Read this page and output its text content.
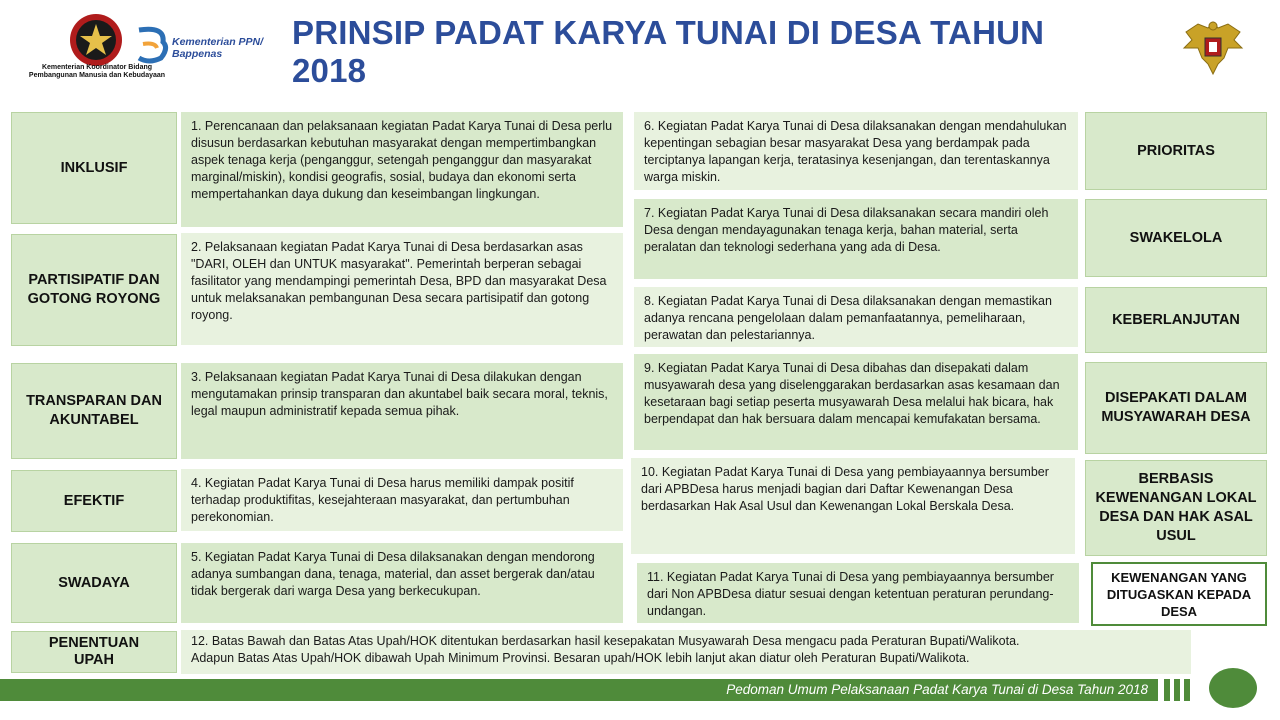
Kementerian Koordinator Bidang Pembangunan Manusia dan Kebudayaan
Kementerian PPN/
Bappenas
PRINSIP PADAT KARYA TUNAI DI DESA TAHUN
2018
INKLUSIF
1. Perencanaan dan pelaksanaan kegiatan Padat Karya Tunai di Desa perlu disusun berdasarkan kebutuhan masyarakat dengan mempertimbangkan aspek tenaga kerja (penganggur, setengah penganggur dan masyarakat marginal/miskin), kondisi geografis, sosial, budaya dan ekonomi serta mempertahankan daya dukung dan keseimbangan lingkungan.
PARTISIPATIF DAN GOTONG ROYONG
2. Pelaksanaan kegiatan Padat Karya Tunai di Desa berdasarkan asas "DARI, OLEH dan UNTUK masyarakat". Pemerintah berperan sebagai fasilitator yang mendampingi pemerintah Desa, BPD dan masyarakat Desa untuk melaksanakan pembangunan Desa secara partisipatif dan gotong royong.
TRANSPARAN DAN AKUNTABEL
3. Pelaksanaan kegiatan Padat Karya Tunai di Desa dilakukan dengan mengutamakan prinsip transparan dan akuntabel baik secara moral, teknis, legal maupun administratif kepada semua pihak.
EFEKTIF
4. Kegiatan Padat Karya Tunai di Desa harus memiliki dampak positif terhadap produktifitas, kesejahteraan masyarakat, dan pertumbuhan perekonomian.
SWADAYA
5. Kegiatan Padat Karya Tunai di Desa dilaksanakan dengan mendorong adanya sumbangan dana, tenaga, material, dan asset bergerak dan/atau tidak bergerak dari warga Desa yang berkecukupan.
6. Kegiatan Padat Karya Tunai di Desa dilaksanakan dengan mendahulukan kepentingan sebagian besar masyarakat Desa yang berdampak pada terciptanya lapangan kerja, teratasinya kesenjangan, dan terentaskannya warga miskin.
PRIORITAS
7. Kegiatan Padat Karya Tunai di Desa dilaksanakan secara mandiri oleh Desa dengan mendayagunakan tenaga kerja, bahan material, serta peralatan dan teknologi sederhana yang ada di Desa.
SWAKELOLA
8. Kegiatan Padat Karya Tunai di Desa dilaksanakan dengan memastikan adanya rencana pengelolaan dalam pemanfaatannya, pemeliharaan, perawatan dan pelestariannya.
KEBERLANJUTAN
9. Kegiatan Padat Karya Tunai di Desa dibahas dan disepakati dalam musyawarah desa yang diselenggarakan berdasarkan asas kesamaan dan kesetaraan bagi setiap peserta musyawarah Desa melalui hak bicara, hak berpendapat dan hak bersuara dalam mencapai kemufakatan bersama.
DISEPAKATI DALAM MUSYAWARAH DESA
10. Kegiatan Padat Karya Tunai di Desa yang pembiayaannya bersumber dari APBDesa harus menjadi bagian dari Daftar Kewenangan Desa berdasarkan Hak Asal Usul dan Kewenangan Lokal Berskala Desa.
BERBASIS KEWENANGAN LOKAL DESA DAN HAK ASAL USUL
11. Kegiatan Padat Karya Tunai di Desa yang pembiayaannya bersumber dari Non APBDesa diatur sesuai dengan ketentuan peraturan perundang-undangan.
KEWENANGAN YANG DITUGASKAN KEPADA DESA
PENENTUAN UPAH
12. Batas Bawah dan Batas Atas Upah/HOK ditentukan berdasarkan hasil kesepakatan Musyawarah Desa mengacu pada Peraturan Bupati/Walikota.
Adapun Batas Atas Upah/HOK dibawah Upah Minimum Provinsi. Besaran upah/HOK lebih lanjut akan diatur oleh Peraturan Bupati/Walikota.
Pedoman Umum Pelaksanaan Padat Karya Tunai di Desa Tahun 2018
